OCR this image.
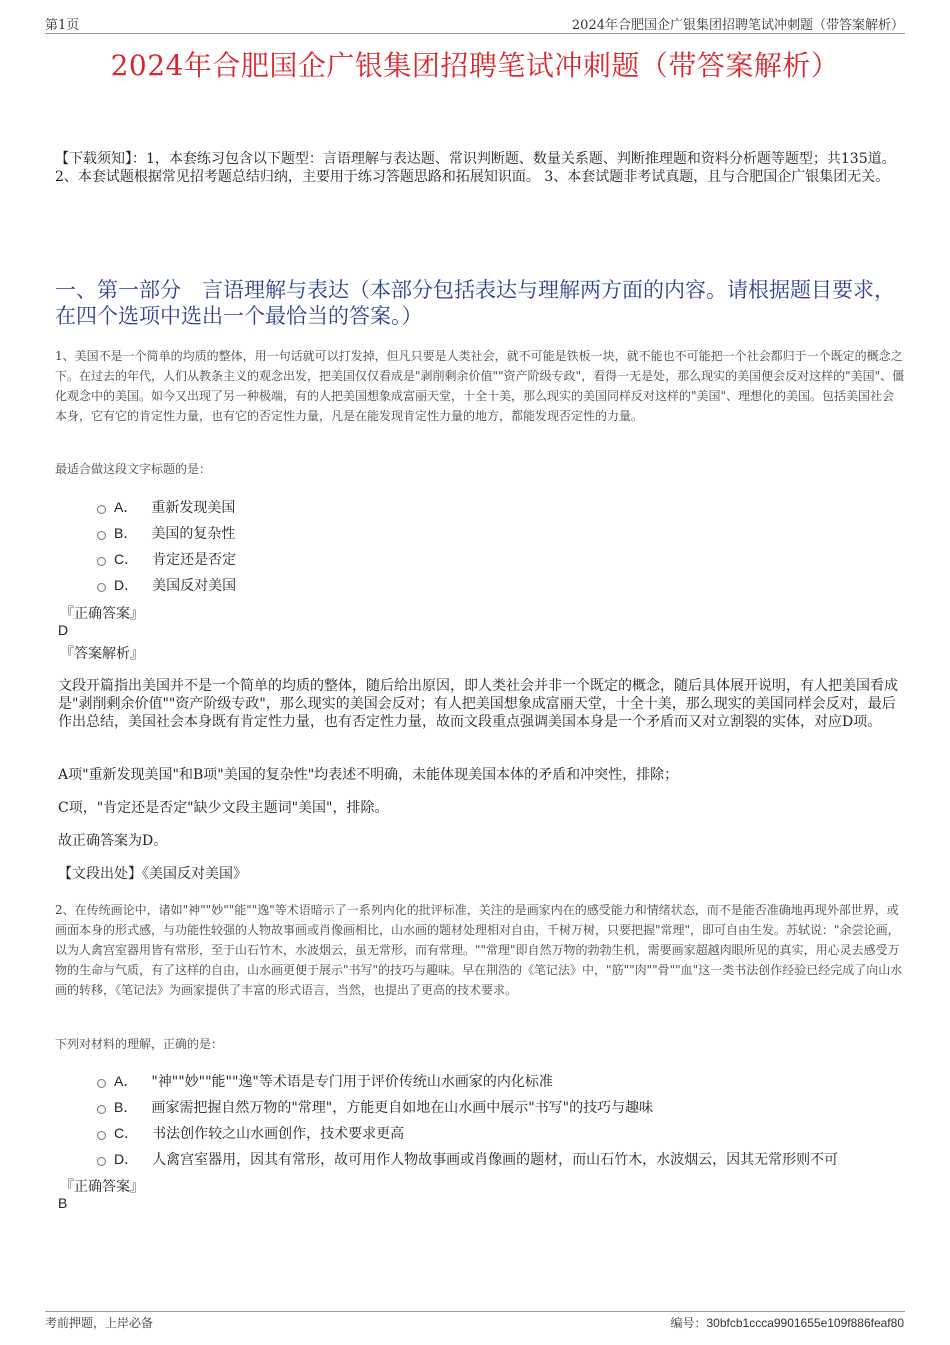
第1页	2024年合肥国企广银集团招聘笔试冲刺题（带答案解析）
2024年合肥国企广银集团招聘笔试冲刺题（带答案解析）
【下载须知】：1，本套练习包含以下题型：言语理解与表达题、常识判断题、数量关系题、判断推理题和资料分析题等题型；共135道。 2、本套试题根据常见招考题总结归纳，主要用于练习答题思路和拓展知识面。 3、本套试题非考试真题，且与合肥国企广银集团无关。
一、第一部分　言语理解与表达（本部分包括表达与理解两方面的内容。请根据题目要求，在四个选项中选出一个最恰当的答案。）
1、美国不是一个简单的均质的整体，用一句话就可以打发掉，但凡只要是人类社会，就不可能是铁板一块，就不能也不可能把一个社会都归于一个既定的概念之下。在过去的年代，人们从教条主义的观念出发，把美国仅仅看成是"剥削剩余价值""资产阶级专政"，看得一无是处，那么现实的美国便会反对这样的"美国"、僵化观念中的美国。如今又出现了另一种极端，有的人把美国想象成富丽天堂，十全十美，那么现实的美国同样反对这样的"美国"、理想化的美国。包括美国社会本身，它有它的肯定性力量，也有它的否定性力量，凡是在能发现肯定性力量的地方，都能发现否定性的力量。
最适合做这段文字标题的是：
A． 重新发现美国
B． 美国的复杂性
C． 肯定还是否定
D． 美国反对美国
『正确答案』
D
『答案解析』
文段开篇指出美国并不是一个简单的均质的整体，随后给出原因，即人类社会并非一个既定的概念，随后具体展开说明，有人把美国看成是"剥削剩余价值""资产阶级专政"，那么现实的美国会反对；有人把美国想象成富丽天堂，十全十美，那么现实的美国同样会反对，最后作出总结，美国社会本身既有肯定性力量，也有否定性力量，故而文段重点强调美国本身是一个矛盾而又对立割裂的实体，对应D项。
A项"重新发现美国"和B项"美国的复杂性"均表述不明确，未能体现美国本体的矛盾和冲突性，排除；
C项，"肯定还是否定"缺少文段主题词"美国"，排除。
故正确答案为D。
【文段出处】《美国反对美国》
2、在传统画论中，诸如"神""妙""能""逸"等术语暗示了一系列内化的批评标准，关注的是画家内在的感受能力和情绪状态，而不是能否准确地再现外部世界，或画面本身的形式感，与功能性较强的人物故事画或肖像画相比，山水画的题材处理相对自由，千树万树，只要把握"常理"，即可自由生发。苏轼说："余尝论画，以为人禽宫室器用皆有常形，至于山石竹木，水波烟云，虽无常形，而有常理。""常理"即自然万物的勃勃生机，需要画家超越肉眼所见的真实，用心灵去感受万物的生命与气质，有了这样的自由，山水画更便于展示"书写"的技巧与趣味。早在荆浩的《笔记法》中，"筋""肉""骨""血"这一类书法创作经验已经完成了向山水画的转移，《笔记法》为画家提供了丰富的形式语言，当然，也提出了更高的技术要求。
下列对材料的理解，正确的是：
A． "神""妙""能""逸"等术语是专门用于评价传统山水画家的内化标准
B． 画家需把握自然万物的"常理"，方能更自如地在山水画中展示"书写"的技巧与趣味
C． 书法创作较之山水画创作，技术要求更高
D． 人禽宫室器用，因其有常形，故可用作人物故事画或肖像画的题材，而山石竹木，水波烟云，因其无常形则不可
『正确答案』
B
考前押题，上岸必备	编号：30bfcb1ccca9901655e109f886feaf80
